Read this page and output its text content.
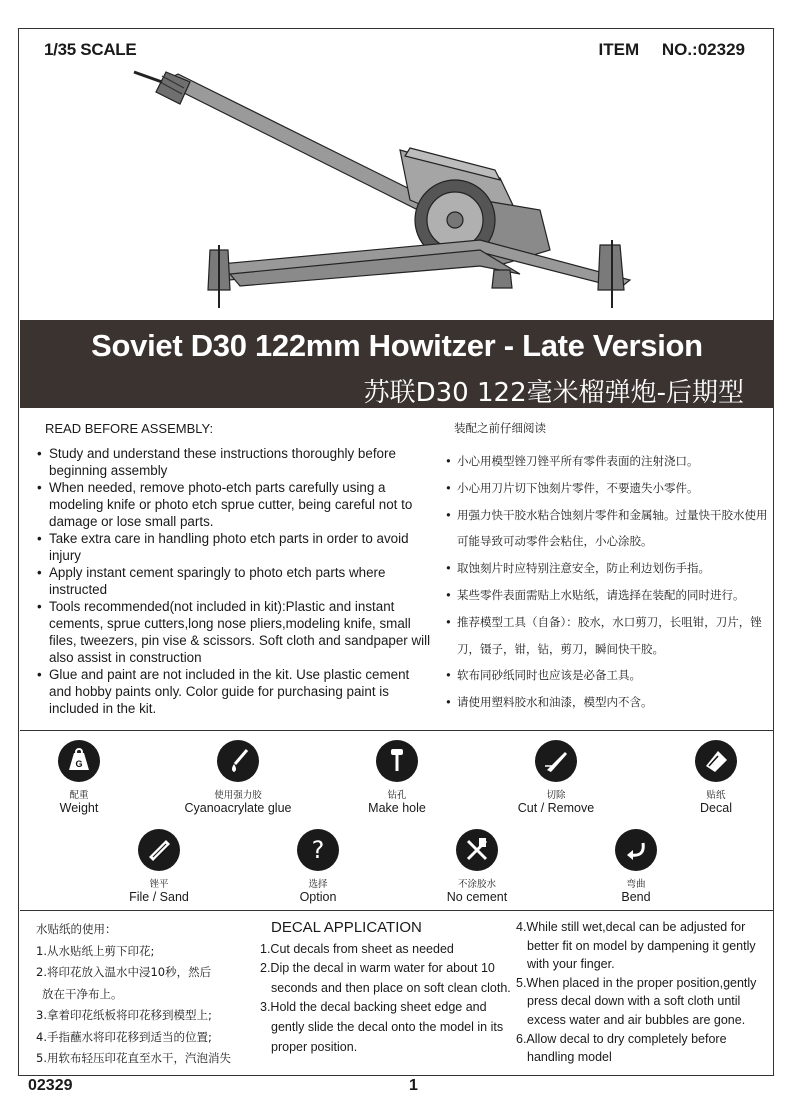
1/35 SCALE	ITEM NO.:02329
Soviet D30 122mm Howitzer - Late Version
苏联D30 122毫米榴弹炮-后期型
READ BEFORE ASSEMBLY:
• Study and understand these instructions thoroughly before beginning assembly
• When needed, remove photo-etch parts carefully using a modeling knife or photo etch sprue cutter, being careful not to damage or lose small parts.
• Take extra care in handling photo etch parts in order to avoid injury
• Apply instant cement sparingly to photo etch parts where instructed
• Tools recommended(not included in kit):Plastic and instant cements, sprue cutters,long nose pliers,modeling knife, small files, tweezers, pin vise & scissors. Soft cloth and sandpaper will also assist in construction
• Glue and paint are not included in the kit. Use plastic cement and hobby paints only. Color guide for purchasing paint is included in the kit.
装配之前仔细阅读
• 小心用模型锉刀锉平所有零件表面的注射浇口。
• 小心用刀片切下蚀刻片零件，不要遗失小零件。
• 用强力快干胶水粘合蚀刻片零件和金属轴。过量快干胶水使用可能导致可动零件会粘住，小心涂胶。
• 取蚀刻片时应特别注意安全，防止利边划伤手指。
• 某些零件表面需贴上水贴纸，请选择在装配的同时进行。
• 推荐模型工具（自备）：胶水，水口剪刀，长咀钳，刀片，锉刀，镊子，钳，钻，剪刀，瞬间快干胶。
• 软布同砂纸同时也应该是必备工具。
• 请使用塑料胶水和油漆，模型内不含。
G
配重
Weight
使用强力胶
Cyanoacrylate glue
钻孔
Make hole
切除
Cut / Remove
贴纸
Decal
锉平
File / Sand
?
选择
Option
不涂胶水
No cement
弯曲
Bend
水贴纸的使用：
1.从水贴纸上剪下印花;
2.将印花放入温水中浸10秒，然后
放在干净布上。
3.拿着印花纸板将印花移到模型上;
4.手指蘸水将印花移到适当的位置;
5.用软布轻压印花直至水干，汽泡消失
DECAL APPLICATION
1.Cut decals from sheet as needed
2.Dip the decal in warm water for about 10 seconds and then place on soft clean cloth.
3.Hold the decal backing sheet edge and gently slide the decal onto the model in its proper position.
4.While still wet,decal can be adjusted for better fit on model by dampening it gently with your finger.
5.When placed in the proper position,gently press decal down with a soft cloth until excess water and air bubbles are gone.
6.Allow decal to dry completely before handling model
02329	1
